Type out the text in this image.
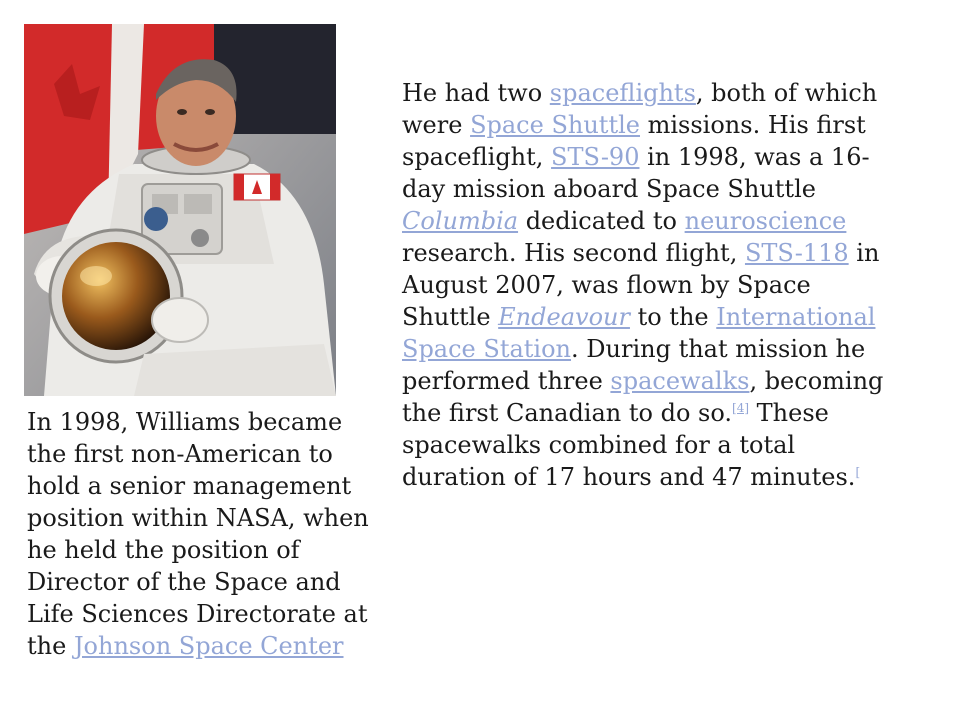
In 1998, Williams became the first non-American to hold a senior management position within NASA, when he held the position of Director of the Space and Life Sciences Directorate at the Johnson Space Center

He had two spaceflights, both of which were Space Shuttle missions. His first spaceflight, STS-90 in 1998, was a 16-day mission aboard Space Shuttle Columbia dedicated to neuroscience research. His second flight, STS-118 in August 2007, was flown by Space Shuttle Endeavour to the International Space Station. During that mission he performed three spacewalks, becoming the first Canadian to do so.[4] These spacewalks combined for a total duration of 17 hours and 47 minutes.[
